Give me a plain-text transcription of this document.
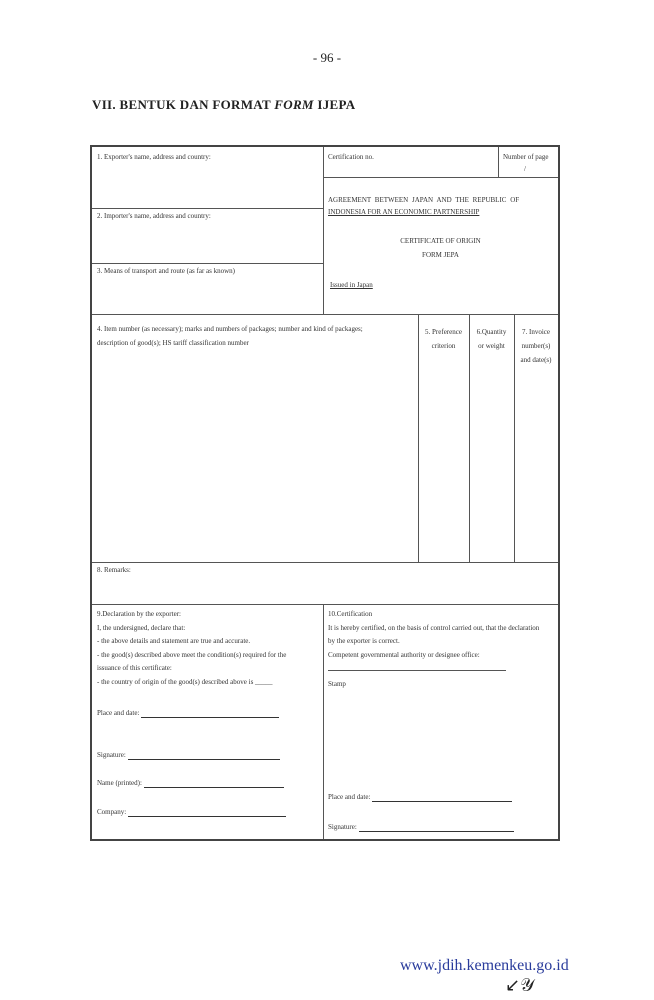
- 96 -
VII. BENTUK DAN FORMAT FORM IJEPA
1. Exporter's name, address and country:
2. Importer's name, address and country:
3. Means of transport and route (as far as known)
Certification no.	Number of page
/
AGREEMENT BETWEEN JAPAN AND THE REPUBLIC OF
INDONESIA FOR AN ECONOMIC PARTNERSHIP
CERTIFICATE OF ORIGIN
FORM JEPA
Issued in Japan
4. Item number (as necessary); marks and numbers of packages; number and kind of packages;
description of good(s); HS tariff classification number
5. Preference
criterion
6.Quantity
or weight
7. Invoice
number(s)
and date(s)
8. Remarks:
9.Declaration by the exporter:
I, the undersigned, declare that:
- the above details and statement are true and accurate.
- the good(s) described above meet the condition(s) required for the
issuance of this certificate:
- the country of origin of the good(s) described above is _____
Place and date:
Signature:
Name (printed):
Company:
10.Certification
It is hereby certified, on the basis of control carried out, that the declaration
by the exporter is correct.
Competent governmental authority or designee office:
Stamp
Place and date:
Signature:
www.jdih.kemenkeu.go.id
↙𝒴
